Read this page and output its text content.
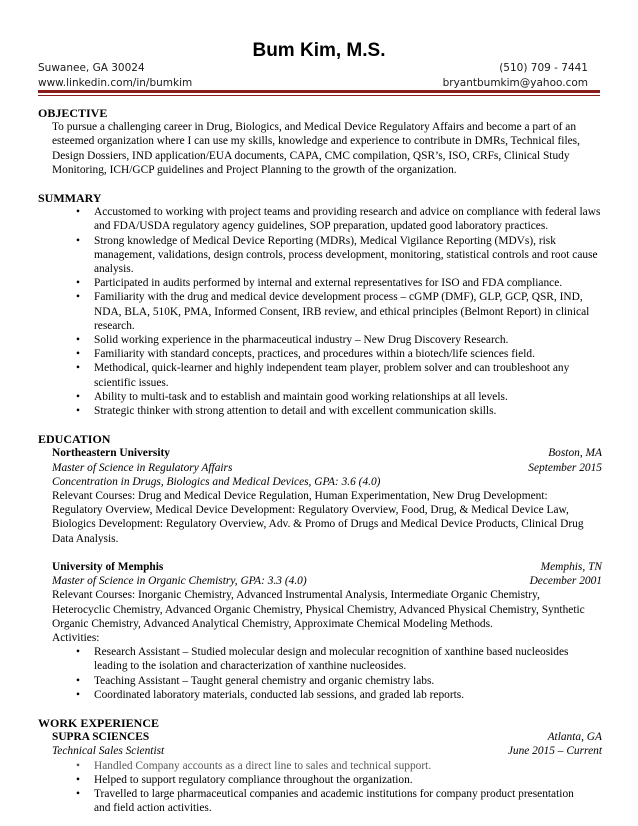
Bum Kim, M.S.
Suwanee, GA 30024	(510) 709 - 7441
www.linkedin.com/in/bumkim	bryantbumkim@yahoo.com
OBJECTIVE
To pursue a challenging career in Drug, Biologics, and Medical Device Regulatory Affairs and become a part of an
esteemed organization where I can use my skills, knowledge and experience to contribute in DMRs, Technical files,
Design Dossiers, IND application/EUA documents, CAPA, CMC compilation, QSR’s, ISO, CRFs, Clinical Study
Monitoring, ICH/GCP guidelines and Project Planning to the growth of the organization.
SUMMARY
• Accustomed to working with project teams and providing research and advice on compliance with federal laws
and FDA/USDA regulatory agency guidelines, SOP preparation, updated good laboratory practices.
• Strong knowledge of Medical Device Reporting (MDRs), Medical Vigilance Reporting (MDVs), risk
management, validations, design controls, process development, monitoring, statistical controls and root cause
analysis.
• Participated in audits performed by internal and external representatives for ISO and FDA compliance.
• Familiarity with the drug and medical device development process – cGMP (DMF), GLP, GCP, QSR, IND,
NDA, BLA, 510K, PMA, Informed Consent, IRB review, and ethical principles (Belmont Report) in clinical
research.
• Solid working experience in the pharmaceutical industry – New Drug Discovery Research.
• Familiarity with standard concepts, practices, and procedures within a biotech/life sciences field.
• Methodical, quick-learner and highly independent team player, problem solver and can troubleshoot any
scientific issues.
• Ability to multi-task and to establish and maintain good working relationships at all levels.
• Strategic thinker with strong attention to detail and with excellent communication skills.
EDUCATION
Northeastern University	Boston, MA
Master of Science in Regulatory Affairs	September 2015
Concentration in Drugs, Biologics and Medical Devices, GPA: 3.6 (4.0)
Relevant Courses: Drug and Medical Device Regulation, Human Experimentation, New Drug Development:
Regulatory Overview, Medical Device Development: Regulatory Overview, Food, Drug, & Medical Device Law,
Biologics Development: Regulatory Overview, Adv. & Promo of Drugs and Medical Device Products, Clinical Drug
Data Analysis.
University of Memphis	Memphis, TN
Master of Science in Organic Chemistry, GPA: 3.3 (4.0)	December 2001
Relevant Courses: Inorganic Chemistry, Advanced Instrumental Analysis, Intermediate Organic Chemistry,
Heterocyclic Chemistry, Advanced Organic Chemistry, Physical Chemistry, Advanced Physical Chemistry, Synthetic
Organic Chemistry, Advanced Analytical Chemistry, Approximate Chemical Modeling Methods.
Activities:
• Research Assistant – Studied molecular design and molecular recognition of xanthine based nucleosides
leading to the isolation and characterization of xanthine nucleosides.
• Teaching Assistant – Taught general chemistry and organic chemistry labs.
• Coordinated laboratory materials, conducted lab sessions, and graded lab reports.
WORK EXPERIENCE
SUPRA SCIENCES	Atlanta, GA
Technical Sales Scientist	June 2015 – Current
• Handled Company accounts as a direct line to sales and technical support.
• Helped to support regulatory compliance throughout the organization.
• Travelled to large pharmaceutical companies and academic institutions for company product presentation
and field action activities.
